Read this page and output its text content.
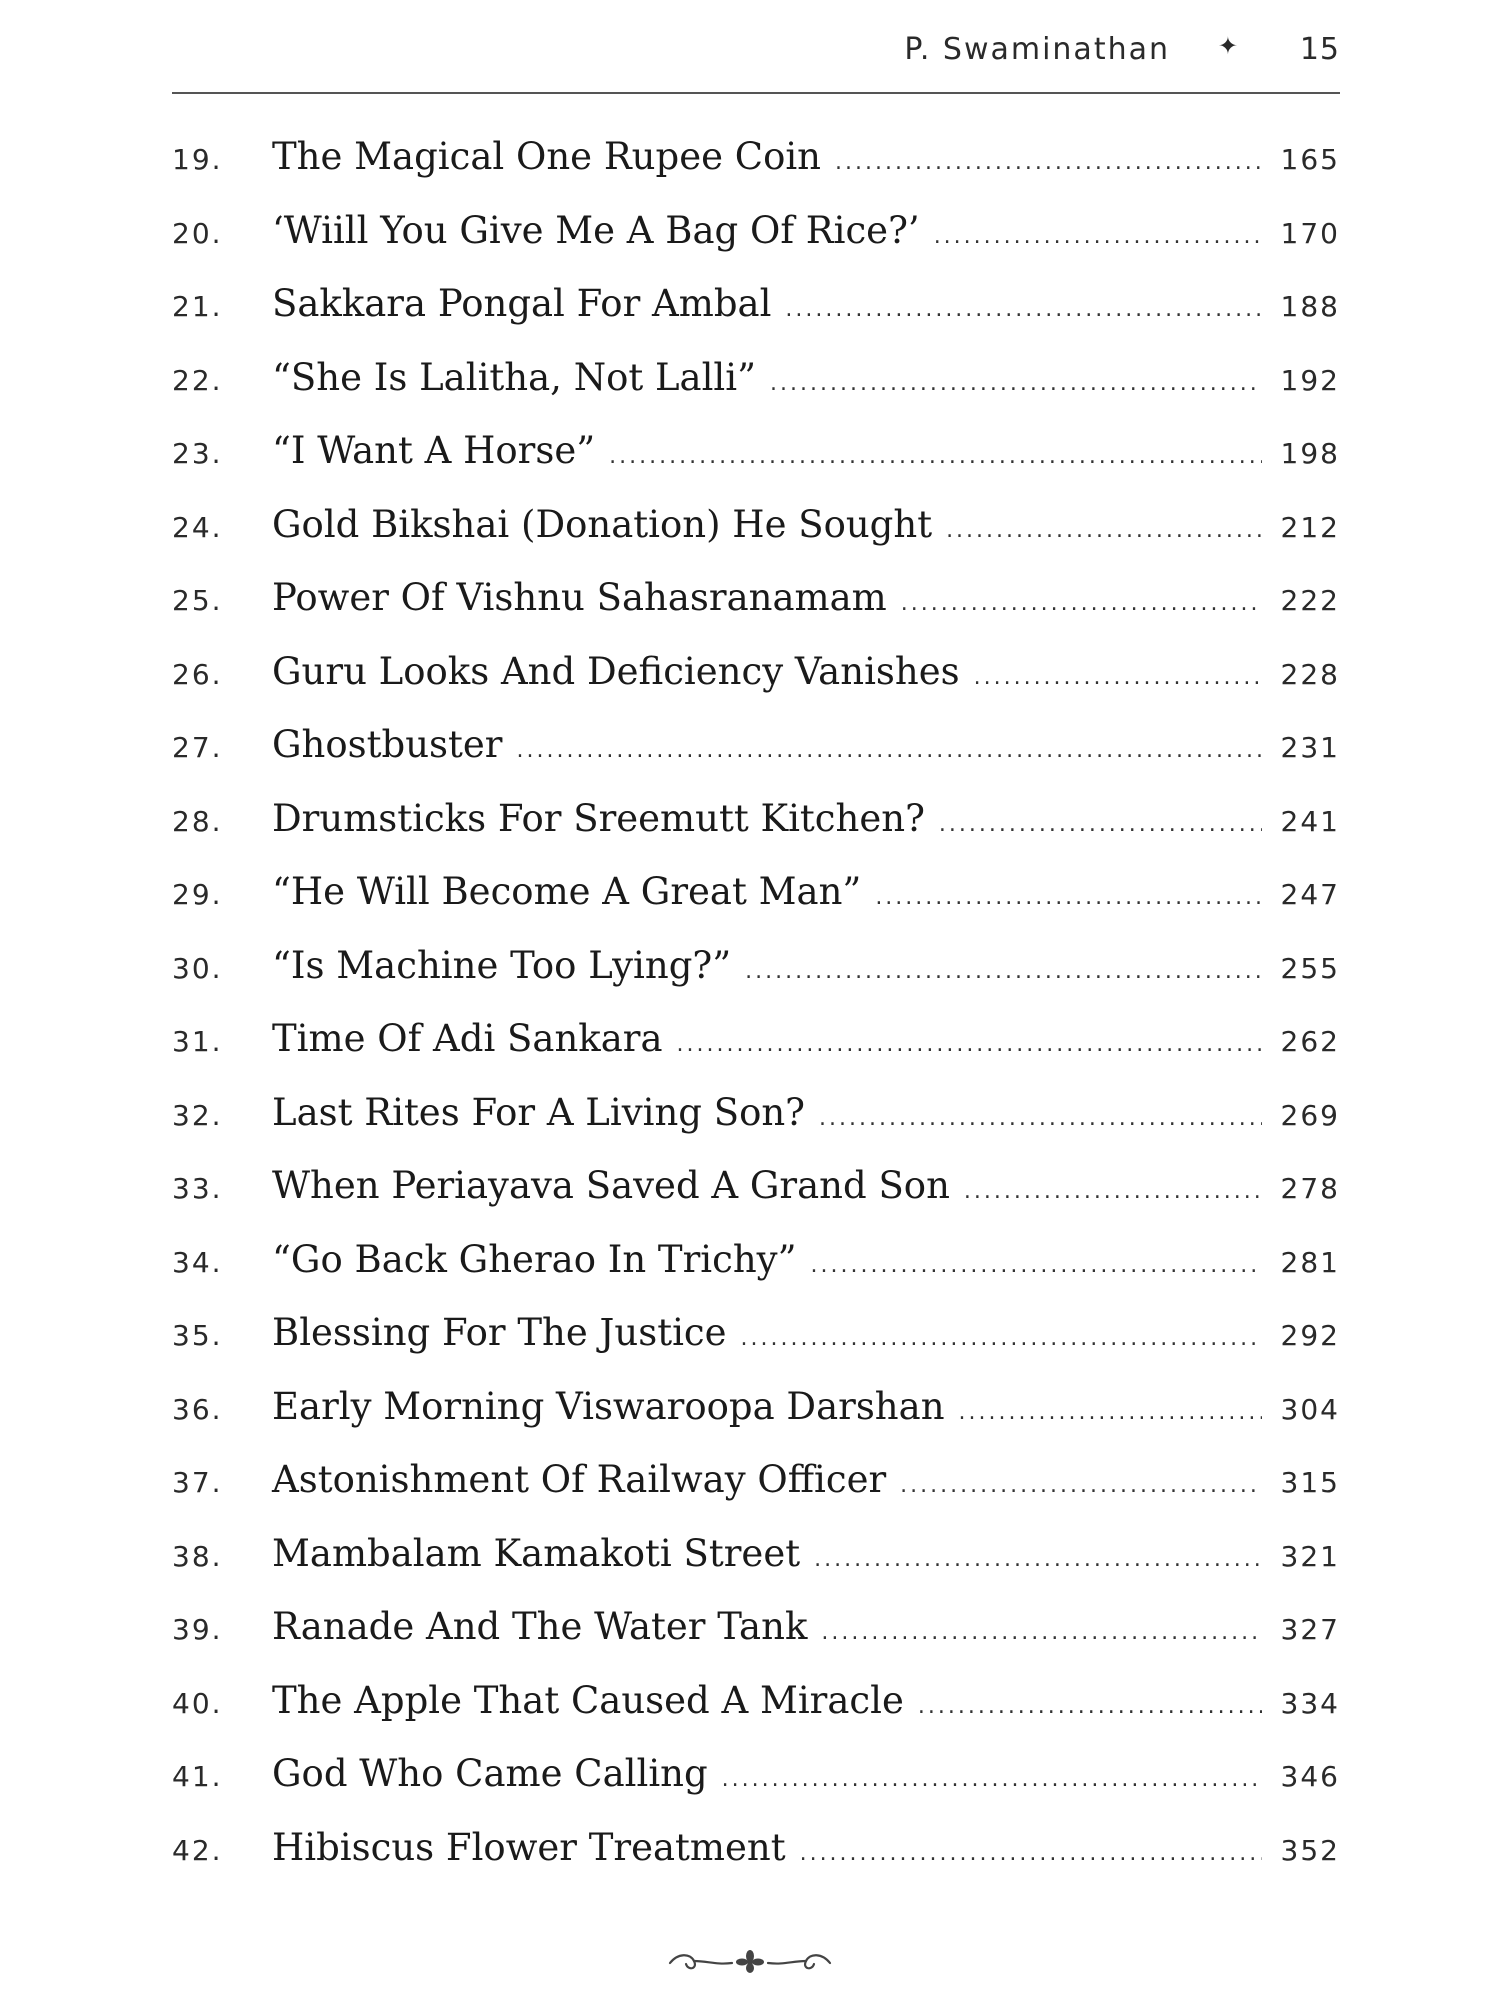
P. Swaminathan ✦ 15
19.	The Magical One Rupee Coin .....	165
20.	‘Wiill You Give Me A Bag Of Rice?’ .....	170
21.	Sakkara Pongal For Ambal .....	188
22.	“She Is Lalitha, Not Lalli” .....	192
23.	“I Want A Horse” .....	198
24.	Gold Bikshai (Donation) He Sought .....	212
25.	Power Of Vishnu Sahasranamam .....	222
26.	Guru Looks And Deficiency Vanishes .....	228
27.	Ghostbuster .....	231
28.	Drumsticks For Sreemutt Kitchen? .....	241
29.	“He Will Become A Great Man” .....	247
30.	“Is Machine Too Lying?” .....	255
31.	Time Of Adi Sankara .....	262
32.	Last Rites For A Living Son? .....	269
33.	When Periayava Saved A Grand Son .....	278
34.	“Go Back Gherao In Trichy” .....	281
35.	Blessing For The Justice .....	292
36.	Early Morning Viswaroopa Darshan .....	304
37.	Astonishment Of Railway Officer .....	315
38.	Mambalam Kamakoti Street .....	321
39.	Ranade And The Water Tank .....	327
40.	The Apple That Caused A Miracle .....	334
41.	God Who Came Calling .....	346
42.	Hibiscus Flower Treatment .....	352
